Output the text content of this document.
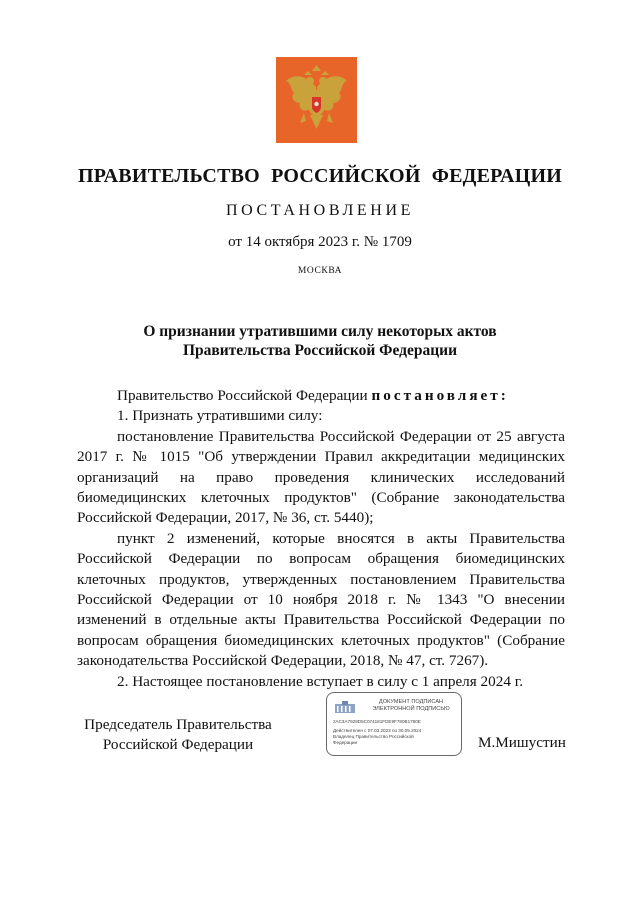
ПРАВИТЕЛЬСТВО РОССИЙСКОЙ ФЕДЕРАЦИИ
ПОСТАНОВЛЕНИЕ
от 14 октября 2023 г. № 1709
МОСКВА
О признании утратившими силу некоторых актов
Правительства Российской Федерации

Правительство Российской Федерации постановляет:

1. Признать утратившими силу:

постановление Правительства Российской Федерации от 25 августа 2017 г. № 1015 "Об утверждении Правил аккредитации медицинских организаций на право проведения клинических исследований биомедицинских клеточных продуктов" (Собрание законодательства Российской Федерации, 2017, № 36, ст. 5440);

пункт 2 изменений, которые вносятся в акты Правительства Российской Федерации по вопросам обращения биомедицинских клеточных продуктов, утвержденных постановлением Правительства Российской Федерации от 10 ноября 2018 г. № 1343 "О внесении изменений в отдельные акты Правительства Российской Федерации по вопросам обращения биомедицинских клеточных продуктов" (Собрание законодательства Российской Федерации, 2018, № 47, ст. 7267).

2. Настоящее постановление вступает в силу с 1 апреля 2024 г.

Председатель Правительства
Российской Федерации	М.Мишустин
ДОКУМЕНТ ПОДПИСАН
ЭЛЕКТРОННОЙ ПОДПИСЬЮ
2AC3A7928D5C074181FDE9F780B1780E
Действителен с 07.03.2023 по 30.05.2024
Владелец Правительство Российской
Федерации
